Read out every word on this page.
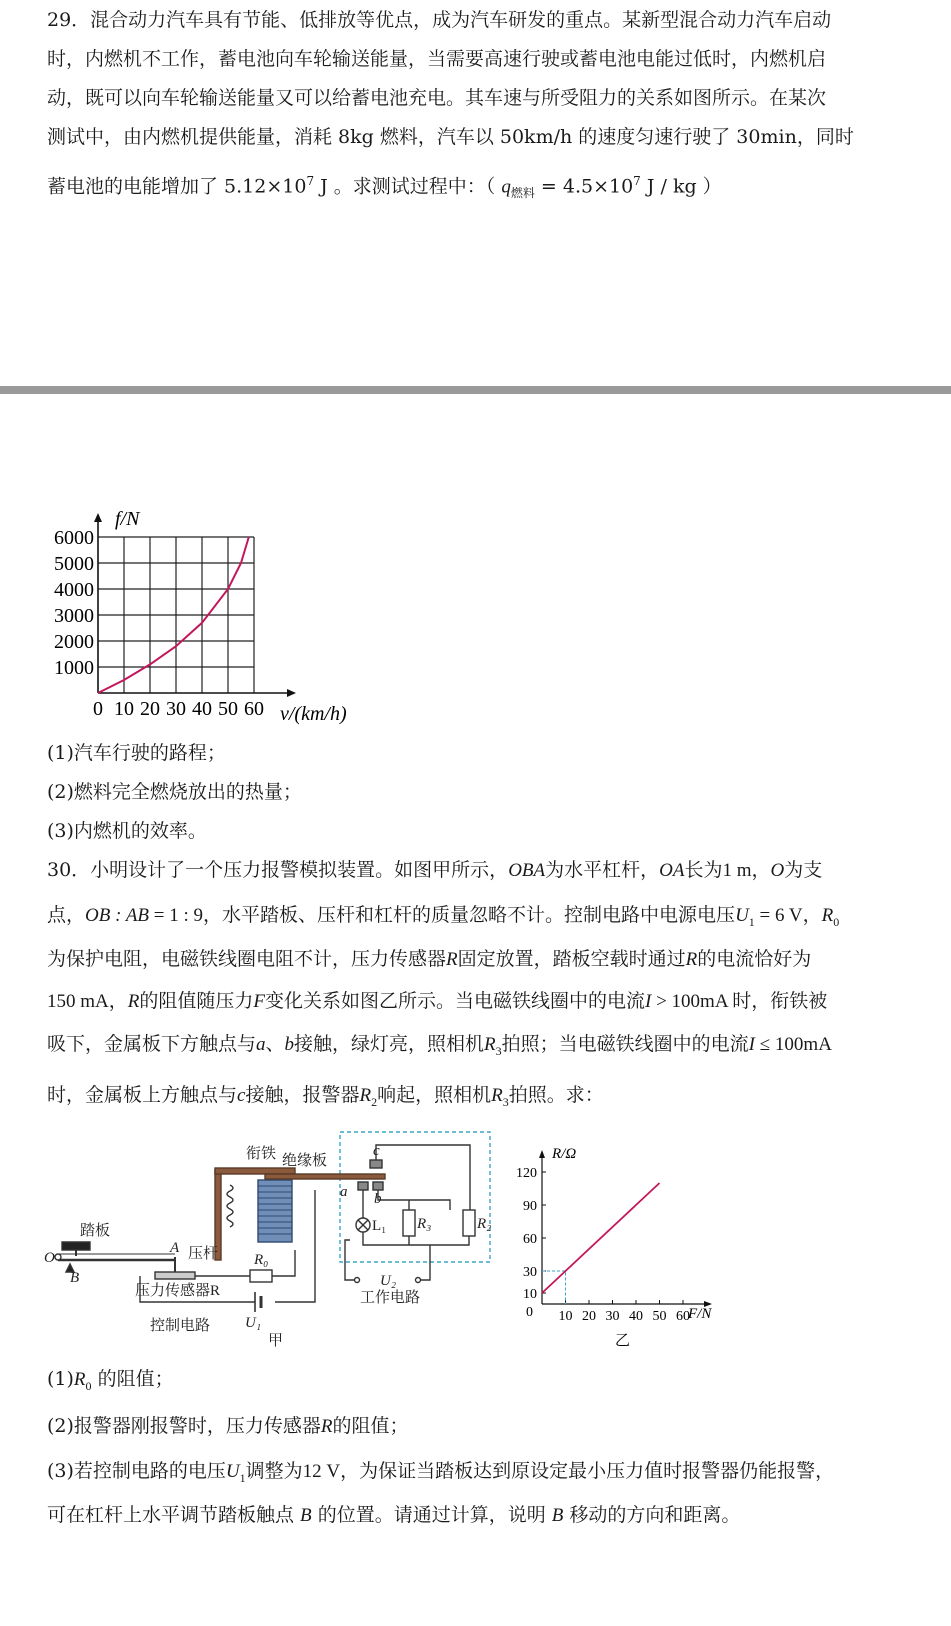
29．混合动力汽车具有节能、低排放等优点，成为汽车研发的重点。某新型混合动力汽车启动
时，内燃机不工作，蓄电池向车轮输送能量，当需要高速行驶或蓄电池电能过低时，内燃机启
动，既可以向车轮输送能量又可以给蓄电池充电。其车速与所受阻力的关系如图所示。在某次
测试中，由内燃机提供能量，消耗 8kg 燃料，汽车以 50km/h 的速度匀速行驶了 30min，同时
蓄电池的电能增加了 $5.12\times 10^7$ J 。求测试过程中：（ $q_{燃料} = 4.5\times 10^7$ J / kg ）
0 10 20 30 40 50 60
1000
2000
3000
4000
5000
6000
f/N
v/(km/h)
(1)汽车行驶的路程；
(2)燃料完全燃烧放出的热量；
(3)内燃机的效率。
30．小明设计了一个压力报警模拟装置。如图甲所示，OBA为水平杠杆，OA长为1 m，O为支
点，OB : AB = 1 : 9，水平踏板、压杆和杠杆的质量忽略不计。控制电路中电源电压$U_1 = 6$ V，$R_0$
为保护电阻，电磁铁线圈电阻不计，压力传感器R固定放置，踏板空载时通过R的电流恰好为
150 mA，R的阻值随压力F变化关系如图乙所示。当电磁铁线圈中的电流I > 100mA 时，衔铁被
吸下，金属板下方触点与a、b接触，绿灯亮，照相机$R_3$拍照；当电磁铁线圈中的电流I ≤ 100mA
时，金属板上方触点与c接触，报警器$R_2$响起，照相机$R_3$拍照。求：
衔铁 绝缘板
踏板
压杆
压力传感器R
控制电路
工作电路
甲
O
B
A
a b
c
L₁
R₀
R₃	R₂
U₁
U₂
10 20 30 40 50 60
10
30
60
90
120
R/Ω
F/N
0
乙
$(1)R_0$ 的阻值；
(2)报警器刚报警时，压力传感器R的阻值；
(3)若控制电路的电压$U_1$调整为12 V，为保证当踏板达到原设定最小压力值时报警器仍能报警，
可在杠杆上水平调节踏板触点 B 的位置。请通过计算，说明 B 移动的方向和距离。
